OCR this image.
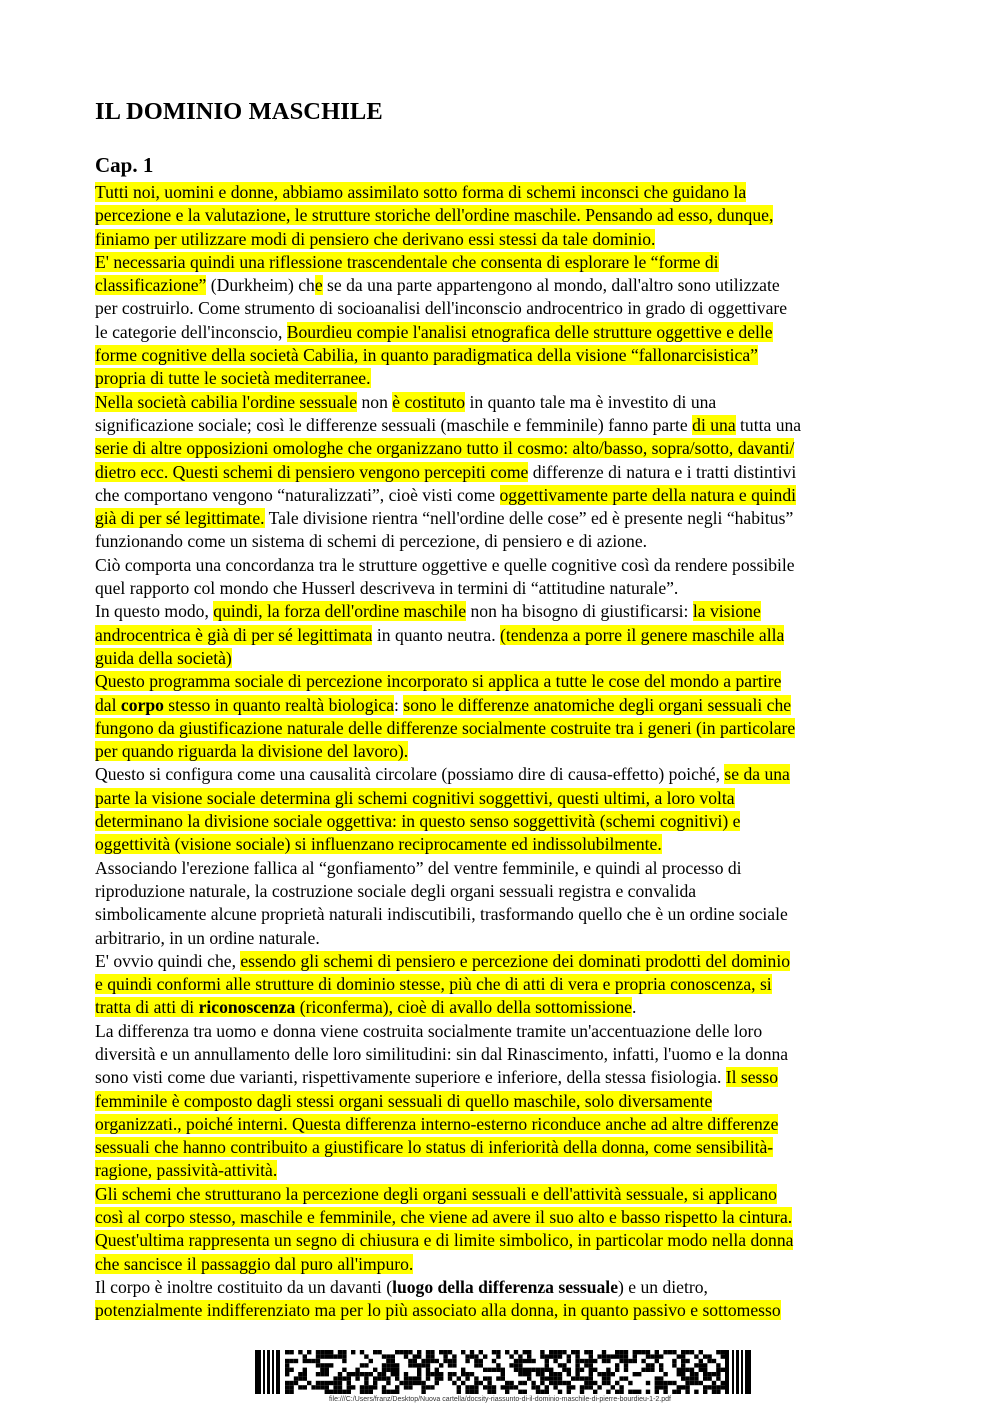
IL DOMINIO MASCHILE
Cap. 1
Tutti noi, uomini e donne, abbiamo assimilato sotto forma di schemi inconsci che guidano la
percezione e la valutazione, le strutture storiche dell'ordine maschile. Pensando ad esso, dunque,
finiamo per utilizzare modi di pensiero che derivano essi stessi da tale dominio.
E' necessaria quindi una riflessione trascendentale che consenta di esplorare le “forme di
classificazione” (Durkheim) che se da una parte appartengono al mondo, dall'altro sono utilizzate
per costruirlo. Come strumento di socioanalisi dell'inconscio androcentrico in grado di oggettivare
le categorie dell'inconscio, Bourdieu compie l'analisi etnografica delle strutture oggettive e delle
forme cognitive della società Cabilia, in quanto paradigmatica della visione “fallonarcisistica”
propria di tutte le società mediterranee.
Nella società cabilia l'ordine sessuale non è costituto in quanto tale ma è investito di una
significazione sociale; così le differenze sessuali (maschile e femminile) fanno parte di una tutta una
serie di altre opposizioni omologhe che organizzano tutto il cosmo: alto/basso, sopra/sotto, davanti/
dietro ecc. Questi schemi di pensiero vengono percepiti come differenze di natura e i tratti distintivi
che comportano vengono “naturalizzati”, cioè visti come oggettivamente parte della natura e quindi
già di per sé legittimate. Tale divisione rientra “nell'ordine delle cose” ed è presente negli “habitus”
funzionando come un sistema di schemi di percezione, di pensiero e di azione.
Ciò comporta una concordanza tra le strutture oggettive e quelle cognitive così da rendere possibile
quel rapporto col mondo che Husserl descriveva in termini di “attitudine naturale”.
In questo modo, quindi, la forza dell'ordine maschile non ha bisogno di giustificarsi: la visione
androcentrica è già di per sé legittimata in quanto neutra. (tendenza a porre il genere maschile alla
guida della società)
Questo programma sociale di percezione incorporato si applica a tutte le cose del mondo a partire
dal corpo stesso in quanto realtà biologica: sono le differenze anatomiche degli organi sessuali che
fungono da giustificazione naturale delle differenze socialmente costruite tra i generi (in particolare
per quando riguarda la divisione del lavoro).
Questo si configura come una causalità circolare (possiamo dire di causa-effetto) poiché, se da una
parte la visione sociale determina gli schemi cognitivi soggettivi, questi ultimi, a loro volta
determinano la divisione sociale oggettiva: in questo senso soggettività (schemi cognitivi) e
oggettività (visione sociale) si influenzano reciprocamente ed indissolubilmente.
Associando l'erezione fallica al “gonfiamento” del ventre femminile, e quindi al processo di
riproduzione naturale, la costruzione sociale degli organi sessuali registra e convalida
simbolicamente alcune proprietà naturali indiscutibili, trasformando quello che è un ordine sociale
arbitrario, in un ordine naturale.
E' ovvio quindi che, essendo gli schemi di pensiero e percezione dei dominati prodotti del dominio
e quindi conformi alle strutture di dominio stesse, più che di atti di vera e propria conoscenza, si
tratta di atti di riconoscenza (riconferma), cioè di avallo della sottomissione.
La differenza tra uomo e donna viene costruita socialmente tramite un'accentuazione delle loro
diversità e un annullamento delle loro similitudini: sin dal Rinascimento, infatti, l'uomo e la donna
sono visti come due varianti, rispettivamente superiore e inferiore, della stessa fisiologia. Il sesso
femminile è composto dagli stessi organi sessuali di quello maschile, solo diversamente
organizzati., poiché interni. Questa differenza interno-esterno riconduce anche ad altre differenze
sessuali che hanno contribuito a giustificare lo status di inferiorità della donna, come sensibilità-
ragione, passività-attività.
Gli schemi che strutturano la percezione degli organi sessuali e dell'attività sessuale, si applicano
così al corpo stesso, maschile e femminile, che viene ad avere il suo alto e basso rispetto la cintura.
Quest'ultima rappresenta un segno di chiusura e di limite simbolico, in particolar modo nella donna
che sancisce il passaggio dal puro all'impuro.
Il corpo è inoltre costituito da un davanti (luogo della differenza sessuale) e un dietro,
potenzialmente indifferenziato ma per lo più associato alla donna, in quanto passivo e sottomesso
file:///C:/Users/franz/Desktop/Nuova cartella/docsity-riassunto-di-il-dominio-maschile-di-pierre-bourdieu-1-2.pdf
